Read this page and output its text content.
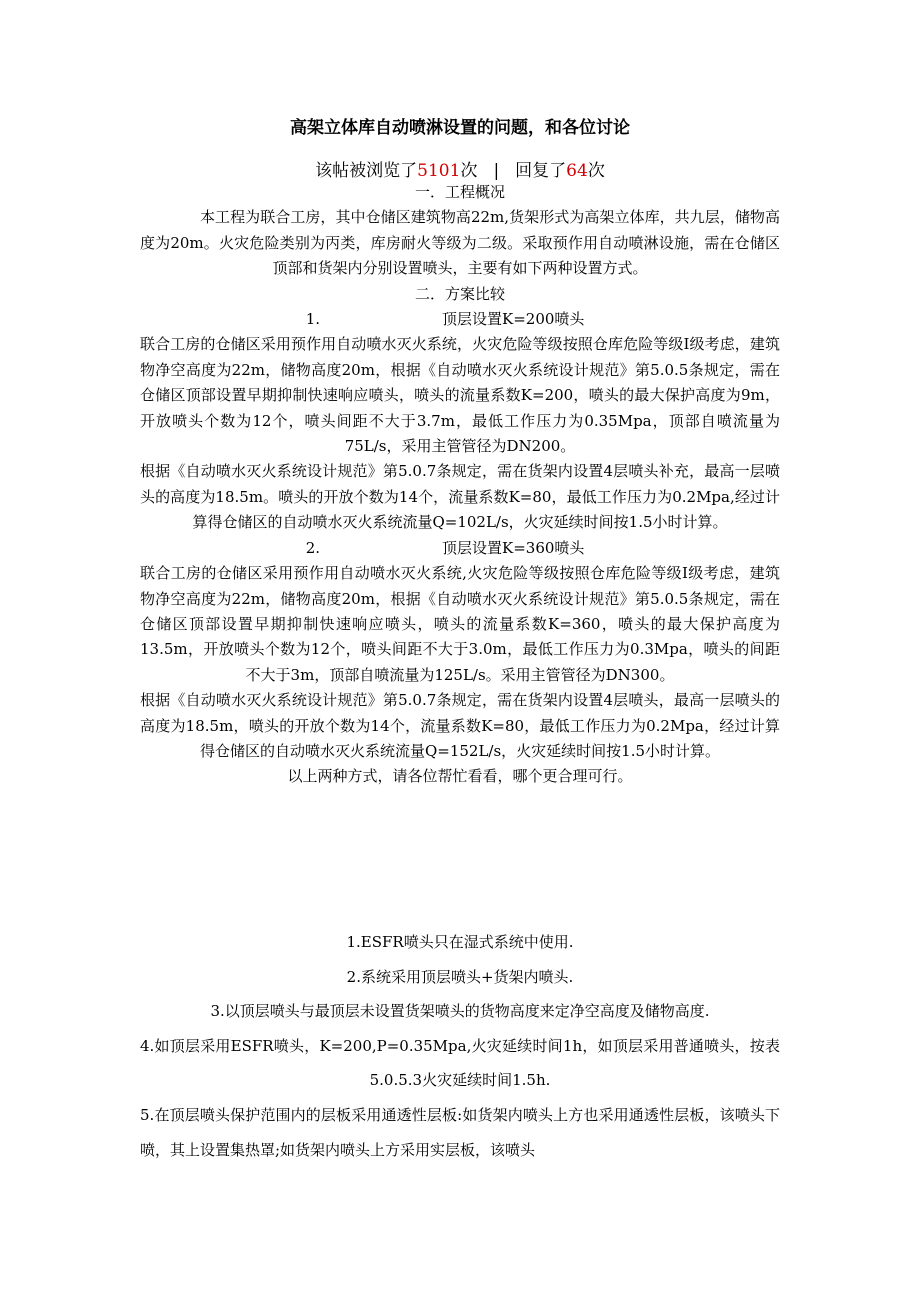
高架立体库自动喷淋设置的问题，和各位讨论
该帖被浏览了5101次 | 回复了64次

一．工程概况

本工程为联合工房，其中仓储区建筑物高22m,货架形式为高架立体库，共九层，储物高度为20m。火灾危险类别为丙类，库房耐火等级为二级。采取预作用自动喷淋设施，需在仓储区顶部和货架内分别设置喷头，主要有如下两种设置方式。

二．方案比较

1.	顶层设置K=200喷头

联合工房的仓储区采用预作用自动喷水灭火系统，火灾危险等级按照仓库危险等级Ⅰ级考虑，建筑物净空高度为22m，储物高度20m，根据《自动喷水灭火系统设计规范》第5.0.5条规定，需在仓储区顶部设置早期抑制快速响应喷头，喷头的流量系数K=200，喷头的最大保护高度为9m，开放喷头个数为12个，喷头间距不大于3.7m，最低工作压力为0.35Mpa，顶部自喷流量为75L/s，采用主管管径为DN200。

根据《自动喷水灭火系统设计规范》第5.0.7条规定，需在货架内设置4层喷头补充，最高一层喷头的高度为18.5m。喷头的开放个数为14个，流量系数K=80，最低工作压力为0.2Mpa,经过计算得仓储区的自动喷水灭火系统流量Q=102L/s，火灾延续时间按1.5小时计算。

2.	顶层设置K=360喷头

联合工房的仓储区采用预作用自动喷水灭火系统,火灾危险等级按照仓库危险等级Ⅰ级考虑，建筑物净空高度为22m，储物高度20m，根据《自动喷水灭火系统设计规范》第5.0.5条规定，需在仓储区顶部设置早期抑制快速响应喷头，喷头的流量系数K=360，喷头的最大保护高度为13.5m，开放喷头个数为12个，喷头间距不大于3.0m，最低工作压力为0.3Mpa，喷头的间距不大于3m，顶部自喷流量为125L/s。采用主管管径为DN300。

根据《自动喷水灭火系统设计规范》第5.0.7条规定，需在货架内设置4层喷头，最高一层喷头的高度为18.5m，喷头的开放个数为14个，流量系数K=80，最低工作压力为0.2Mpa，经过计算得仓储区的自动喷水灭火系统流量Q=152L/s，火灾延续时间按1.5小时计算。

以上两种方式，请各位帮忙看看，哪个更合理可行。

1.ESFR喷头只在湿式系统中使用.

2.系统采用顶层喷头+货架内喷头.

3.以顶层喷头与最顶层未设置货架喷头的货物高度来定净空高度及储物高度.

4.如顶层采用ESFR喷头，K=200,P=0.35Mpa,火灾延续时间1h，如顶层采用普通喷头，按表5.0.5.3火灾延续时间1.5h.

5.在顶层喷头保护范围内的层板采用通透性层板:如货架内喷头上方也采用通透性层板，该喷头下喷，其上设置集热罩;如货架内喷头上方采用实层板，该喷头
